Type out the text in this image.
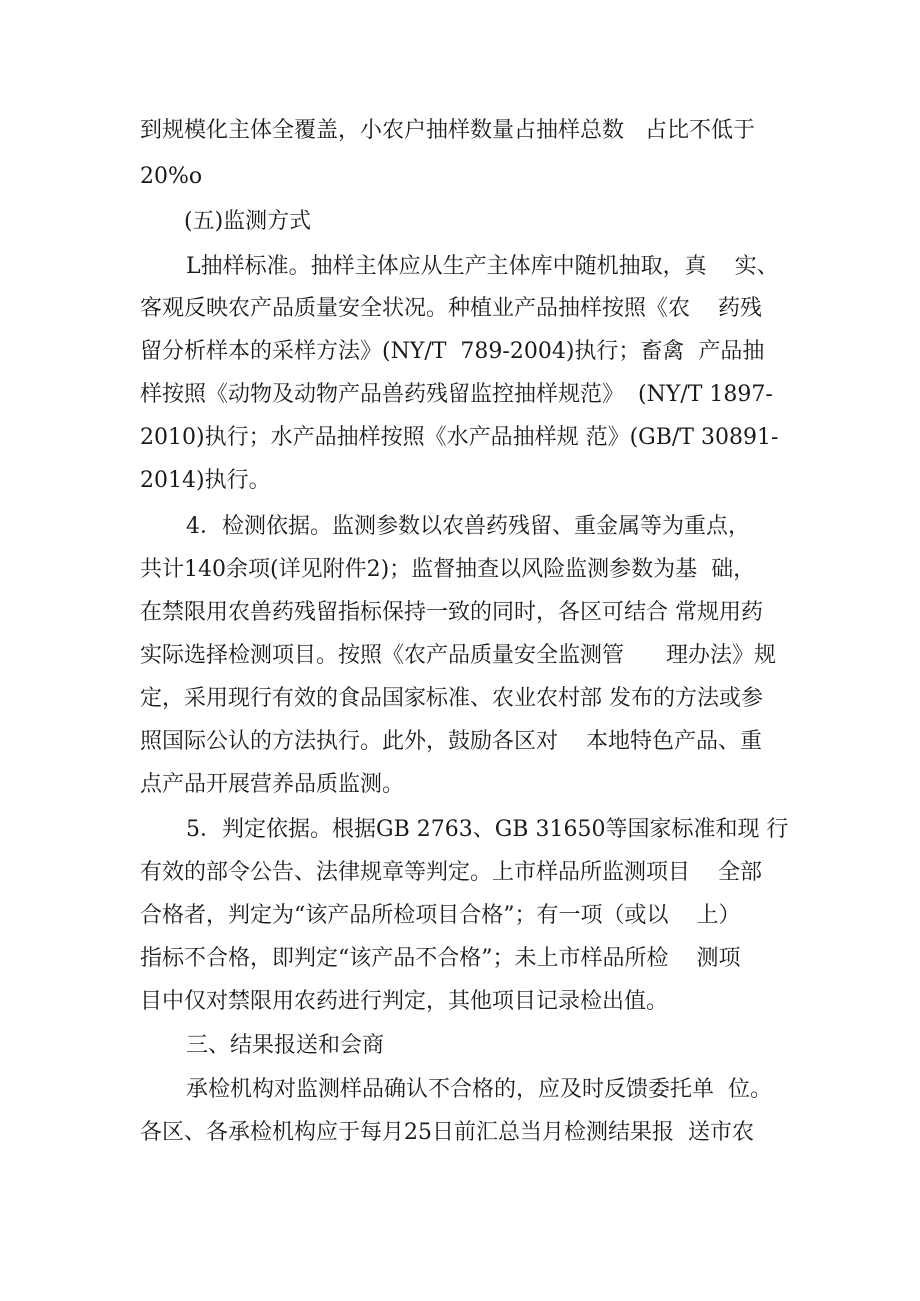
到规模化主体全覆盖，小农户抽样数量占抽样总数   占比不低于
20%o
(五)监测方式
L抽样标准。抽样主体应从生产主体库中随机抽取，真    实、
客观反映农产品质量安全状况。种植业产品抽样按照《农    药残
留分析样本的采样方法》(NY/T  789-2004)执行；畜禽  产品抽
样按照《动物及动物产品兽药残留监控抽样规范》  (NY/T 1897-
2010)执行；水产品抽样按照《水产品抽样规 范》(GB/T 30891-
2014)执行。
4．检测依据。监测参数以农兽药残留、重金属等为重点，
共计140余项(详见附件2)；监督抽查以风险监测参数为基  础，
在禁限用农兽药残留指标保持一致的同时，各区可结合 常规用药
实际选择检测项目。按照《农产品质量安全监测管      理办法》规
定，采用现行有效的食品国家标准、农业农村部 发布的方法或参
照国际公认的方法执行。此外，鼓励各区对    本地特色产品、重
点产品开展营养品质监测。
5．判定依据。根据GB 2763、GB 31650等国家标准和现 行
有效的部令公告、法律规章等判定。上市样品所监测项目    全部
合格者，判定为“该产品所检项目合格”；有一项（或以    上）
指标不合格，即判定“该产品不合格”；未上市样品所检    测项
目中仅对禁限用农药进行判定，其他项目记录检出值。
三、结果报送和会商
承检机构对监测样品确认不合格的，应及时反馈委托单  位。
各区、各承检机构应于每月25日前汇总当月检测结果报  送市农
